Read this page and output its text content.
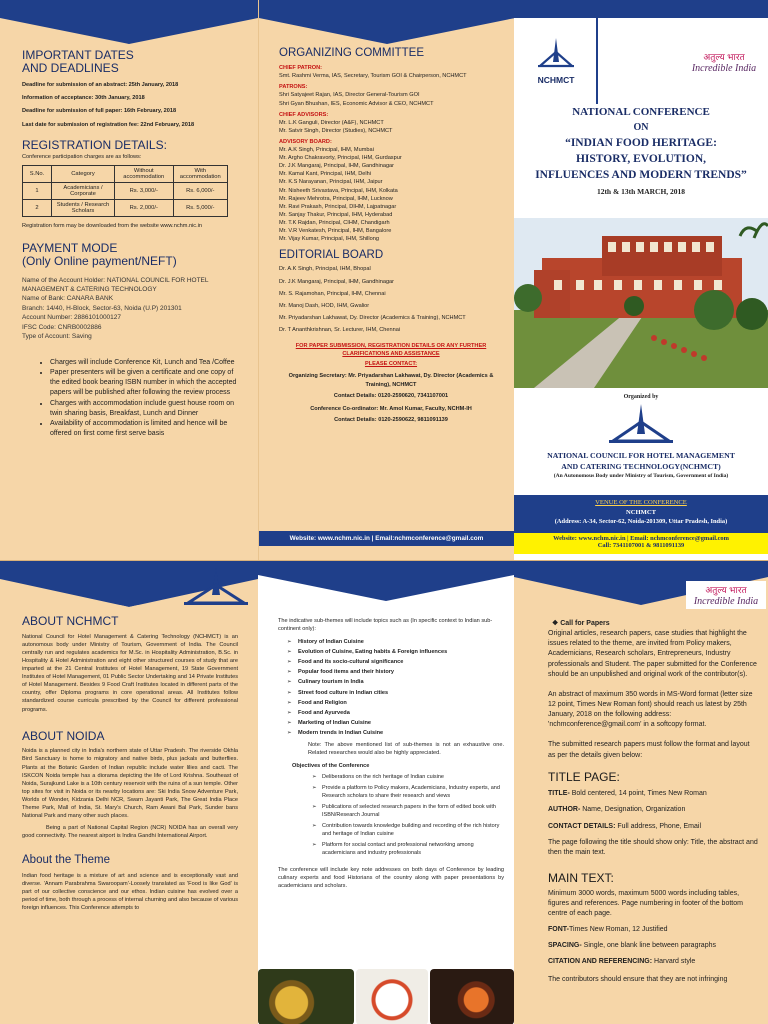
IMPORTANT DATES
AND DEADLINES
Deadline for submission of an abstract: 25th January, 2018
Information of acceptance: 30th January, 2018
Deadline for submission of full paper: 16th February, 2018
Last date for submission of registration fee: 22nd February, 2018
REGISTRATION DETAILS:
Conference participation charges are as follows:
S.No.	Category	Without accommodation	With accommodation
1	Academicians / Corporate	Rs. 3,000/-	Rs. 6,000/-
2	Students / Research Scholars	Rs. 2,000/-	Rs. 5,000/-
Registration form may be downloaded from the website www.nchm.nic.in
PAYMENT MODE
(Only Online payment/NEFT)
Name of the Account Holder: NATIONAL COUNCIL FOR HOTEL MANAGEMENT & CATERING TECHNOLOGY
Name of Bank: CANARA BANK
Branch: 14/40, H-Block, Sector-63, Noida (U.P) 201301
Account Number: 2886101000127
IFSC Code: CNRB0002886
Type of Account: Saving
• Charges will include Conference Kit, Lunch and Tea /Coffee
• Paper presenters will be given a certificate and one copy of the edited book bearing ISBN number in which the accepted papers will be published after following the review process
• Charges with accommodation include guest house room on twin sharing basis, Breakfast, Lunch and Dinner
• Availability of accommodation is limited and hence will be offered on first come first serve basis
ORGANIZING COMMITTEE
CHIEF PATRON:
Smt. Rashmi Verma, IAS, Secretary, Tourism GOI & Chairperson, NCHMCT
PATRONS:
Shri Satyajeet Rajan, IAS, Director General-Tourism GOI
Shri Gyan Bhushan, IES, Economic Advisor & CEO, NCHMCT
CHIEF ADVISORS:
Mr. L.K Ganguli, Director (A&F), NCHMCT
Mr. Satvir Singh, Director (Studies), NCHMCT
ADVISORY BOARD:
Mr. A.K Singh, Principal, IHM, Mumbai
Mr. Argho Chakravorty, Principal, IHM, Gurdaspur
Dr. J.K Mangaraj, Principal, IHM, Gandhinagar
Mr. Kamal Kant, Principal, IHM, Delhi
Mr. K.S Narayanan, Principal, IHM, Jaipur
Mr. Nisheeth Srivastava, Principal, IHM, Kolkata
Mr. Rajeev Mehrotra, Principal, IHM, Lucknow
Mr. Ravi Prakash, Principal, DIHM, Lajpatnagar
Mr. Sanjay Thakur, Principal, IHM, Hyderabad
Mr. T.K Rajdan, Principal, CIHM, Chandigarh
Mr. V.R Venkatesh, Principal, IHM, Bangalore
Mr. Vijay Kumar, Principal, IHM, Shillong
EDITORIAL BOARD
Dr. A.K Singh, Principal, IHM, Bhopal
Dr. J.K Mangaraj, Principal, IHM, Gandhinagar
Mr. S. Rajamohan, Principal, IHM, Chennai
Mr. Manoj Dash, HOD, IHM, Gwalior
Mr. Priyadarshan Lakhawat, Dy. Director (Academics & Training), NCHMCT
Dr. T Ananthkrishnan, Sr. Lecturer, IHM, Chennai
FOR PAPER SUBMISSION, REGISTRATION DETAILS OR ANY FURTHER CLARIFICATIONS AND ASSISTANCE
PLEASE CONTACT:
Organizing Secretary: Mr. Priyadarshan Lakhawat, Dy. Director (Academics & Training), NCHMCT
Contact Details: 0120-2590620, 7341107001
Conference Co-ordinator: Mr. Amol Kumar, Faculty, NCHM-IH
Contact Details: 0120-2590622, 9811091139
Website: www.nchm.nic.in | Email:nchmconference@gmail.com
NCHMCT
अतुल्य भारत
Incredible India
NATIONAL CONFERENCE
ON
“INDIAN FOOD HERITAGE:
HISTORY, EVOLUTION,
INFLUENCES AND MODERN TRENDS”
12th & 13th MARCH, 2018
Organized by
NATIONAL COUNCIL FOR HOTEL MANAGEMENT
AND CATERING TECHNOLOGY(NCHMCT)
(An Autonomous Body under Ministry of Tourism, Government of India)
VENUE OF THE CONFERENCE
NCHMCT
(Address: A-34, Sector-62, Noida-201309, Uttar Pradesh, India)
Website: www.nchm.nic.in | Email: nchmconference@gmail.com
Call: 7341107001 & 9811091139
ABOUT NCHMCT
National Council for Hotel Management & Catering Technology (NCHMCT) is an autonomous body under Ministry of Tourism, Government of India. The Council centrally run and regulates academics for M.Sc. in Hospitality Administration, B.Sc. in Hospitality & Hotel Administration and eight other structured courses of study that are imparted at the 21 Central Institutes of Hotel Management, 19 State Government Institutes of Hotel Management, 01 Public Sector Undertaking and 14 Private Institutes of Hotel Management. Besides 9 Food Craft Institutes located in different parts of the country, offer Diploma programs in core operational areas. All Institutes follow standardized course curricula prescribed by the Council for different professional programs.
ABOUT NOIDA
Noida is a planned city in India's northern state of Uttar Pradesh. The riverside Okhla Bird Sanctuary is home to migratory and native birds, plus jackals and butterflies. Plants at the Botanic Garden of Indian republic include water lilies and cacti. The ISKCON Noida temple has a diorama depicting the life of Lord Krishna. Southeast of Noida, Surajkund Lake is a 10th century reservoir with the ruins of a sun temple. Other top sites for visit in Noida or its nearby locations are: Ski India Snow Adventure Park, Worlds of Wonder, Kidzania Delhi NCR, Swarn Jayanti Park, The Great India Place Theme Park, Mall of India, St. Mary's Church, Ram Awani Bal Park, Sunder bans National Park and many other such places.
Being a part of National Capital Region (NCR) NOIDA has an overall very good connectivity. The nearest airport is Indira Gandhi International Airport.
About the Theme
Indian food heritage is a mixture of art and science and is exceptionally vast and diverse. 'Annam Parabrahma Swaroopam'-Loosely translated as 'Food is like God' is part of our collective conscience and our ethos. Indian cuisine has evolved over a period of time, both through a process of internal churning and also because of various foreign influences. This Conference attempts to
The indicative sub-themes will include topics such as (In specific context to Indian sub-continent only):
➢ History of Indian Cuisine
➢ Evolution of Cuisine, Eating habits & Foreign influences
➢ Food and its socio-cultural significance
➢ Popular food items and their history
➢ Culinary tourism in India
➢ Street food culture in Indian cities
➢ Food and Religion
➢ Food and Ayurveda
➢ Marketing of Indian Cuisine
➢ Modern trends in Indian Cuisine
Note: The above mentioned list of sub-themes is not an exhaustive one. Related researches would also be highly appreciated.
Objectives of the Conference
➢ Deliberations on the rich heritage of Indian cuisine
➢ Provide a platform to Policy makers, Academicians, Industry experts, and Research scholars to share their research and views
➢ Publications of selected research papers in the form of edited book with ISBN/Research Journal
➢ Contribution towards knowledge building and recording of the rich history and heritage of Indian cuisine
➢ Platform for social contact and professional networking among academicians and industry professionals
The conference will include key note addresses on both days of Conference by leading culinary experts and food Historians of the country along with paper presentations by academicians and scholars.
अतुल्य भारत
Incredible India
❖ Call for Papers
Original articles, research papers, case studies that highlight the issues related to the theme, are invited from Policy makers, Academicians, Research scholars, Entrepreneurs, Industry professionals and Student. The paper submitted for the Conference should be an unpublished and original work of the contributor(s).
An abstract of maximum 350 words in MS-Word format (letter size 12 point, Times New Roman font) should reach us latest by 25th January, 2018 on the following address: 'nchmconference@gmail.com' in a softcopy format.
The submitted research papers must follow the format and layout as per the details given below:
TITLE PAGE:
TITLE- Bold centered, 14 point, Times New Roman
AUTHOR- Name, Designation, Organization
CONTACT DETAILS: Full address, Phone, Email
The page following the title should show only: Title, the abstract and then the main text.
MAIN TEXT:
Minimum 3000 words, maximum 5000 words including tables, figures and references. Page numbering in footer of the bottom centre of each page.
FONT-Times New Roman, 12 Justified
SPACING- Single, one blank line between paragraphs
CITATION AND REFERENCING: Harvard style
The contributors should ensure that they are not infringing
